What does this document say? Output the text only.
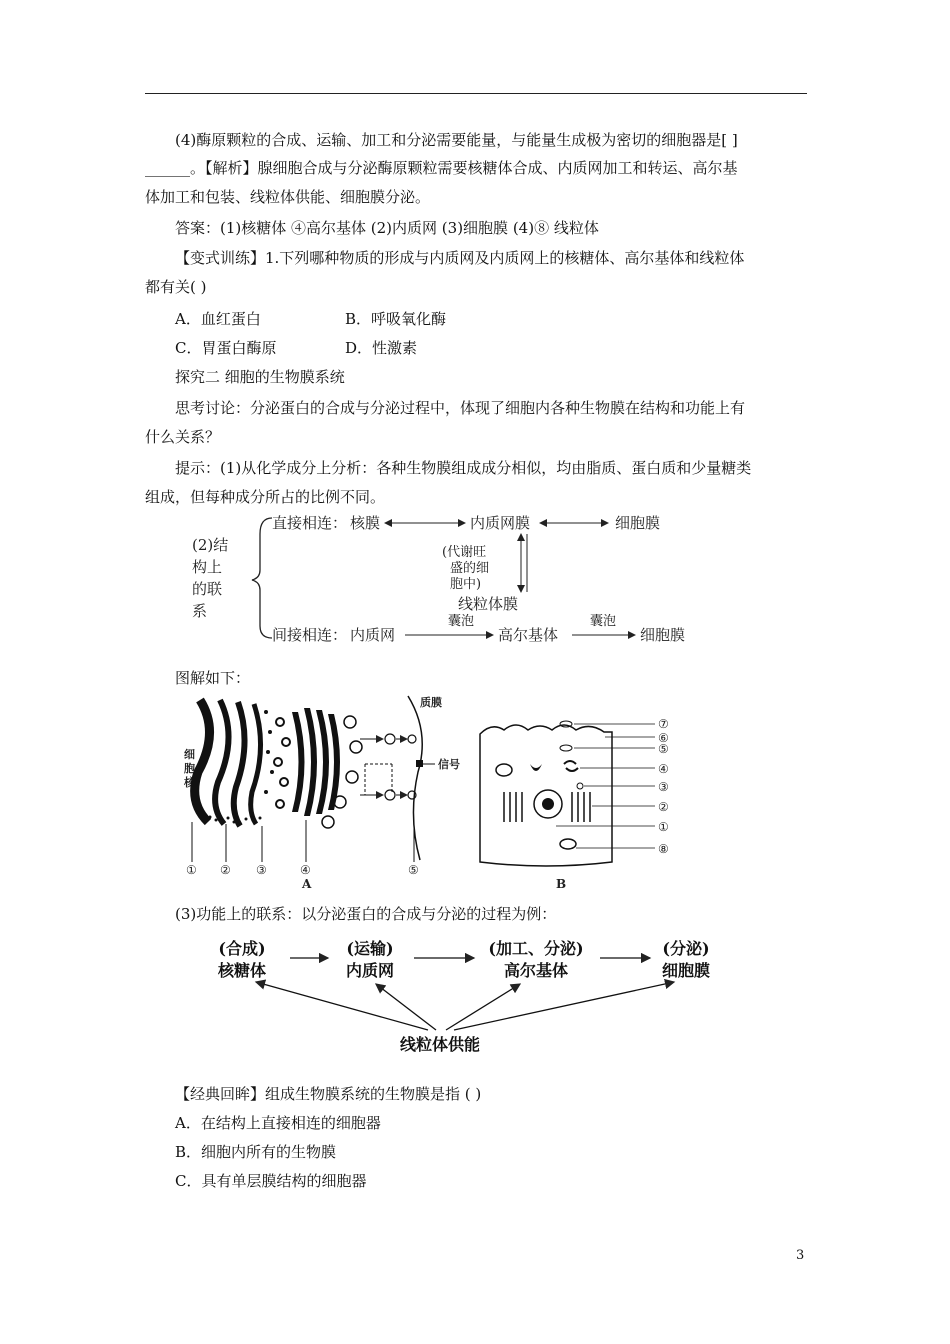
(4)酶原颗粒的合成、运输、加工和分泌需要能量，与能量生成极为密切的细胞器是[ ]
______。【解析】腺细胞合成与分泌酶原颗粒需要核糖体合成、内质网加工和转运、高尔基
体加工和包装、线粒体供能、细胞膜分泌。
答案：(1)核糖体 ④高尔基体 (2)内质网 (3)细胞膜 (4)⑧ 线粒体
【变式训练】1.下列哪种物质的形成与内质网及内质网上的核糖体、高尔基体和线粒体
都有关( )
A．血红蛋白	B．呼吸氧化酶
C．胃蛋白酶原	D．性激素
探究二 细胞的生物膜系统
思考讨论：分泌蛋白的合成与分泌过程中，体现了细胞内各种生物膜在结构和功能上有
什么关系？
提示：(1)从化学成分上分析：各种生物膜组成成分相似，均由脂质、蛋白质和少量糖类
组成，但每种成分所占的比例不同。
(2)结
构上
的联
系
直接相连： 核膜	内质网膜	细胞膜
(代谢旺
盛的细
胞中)
线粒体膜
间接相连： 内质网	高尔基体	细胞膜
囊泡	囊泡
图解如下：
细
胞
核
信号
质膜
① ② ③	④	⑤
A
⑦
⑥
⑤
④
③
②
①
⑧
B
(3)功能上的联系：以分泌蛋白的合成与分泌的过程为例：
(合成)
核糖体
(运输)
内质网
(加工、分泌)
高尔基体
(分泌)
细胞膜
线粒体供能
【经典回眸】组成生物膜系统的生物膜是指 ( )
A．在结构上直接相连的细胞器
B．细胞内所有的生物膜
C．具有单层膜结构的细胞器
3
